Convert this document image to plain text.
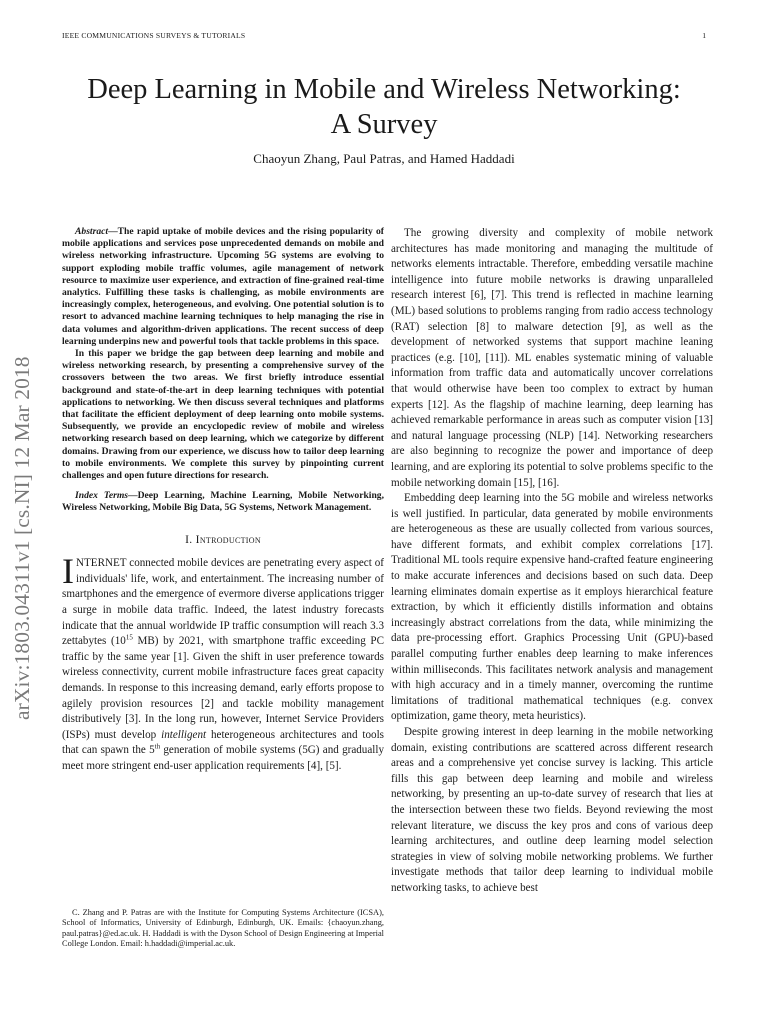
IEEE COMMUNICATIONS SURVEYS & TUTORIALS	1
arXiv:1803.04311v1 [cs.NI] 12 Mar 2018
Deep Learning in Mobile and Wireless Networking:
A Survey
Chaoyun Zhang, Paul Patras, and Hamed Haddadi

Abstract—The rapid uptake of mobile devices and the rising popularity of mobile applications and services pose unprecedented demands on mobile and wireless networking infrastructure. Upcoming 5G systems are evolving to support exploding mobile traffic volumes, agile management of network resource to maximize user experience, and extraction of fine-grained real-time analytics. Fulfilling these tasks is challenging, as mobile environments are increasingly complex, heterogeneous, and evolving. One potential solution is to resort to advanced machine learning techniques to help managing the rise in data volumes and algorithm-driven applications. The recent success of deep learning underpins new and powerful tools that tackle problems in this space.

In this paper we bridge the gap between deep learning and mobile and wireless networking research, by presenting a comprehensive survey of the crossovers between the two areas. We first briefly introduce essential background and state-of-the-art in deep learning techniques with potential applications to networking. We then discuss several techniques and platforms that facilitate the efficient deployment of deep learning onto mobile systems. Subsequently, we provide an encyclopedic review of mobile and wireless networking research based on deep learning, which we categorize by different domains. Drawing from our experience, we discuss how to tailor deep learning to mobile environments. We complete this survey by pinpointing current challenges and open future directions for research.

Index Terms—Deep Learning, Machine Learning, Mobile Networking, Wireless Networking, Mobile Big Data, 5G Systems, Network Management.
I. Introduction

INTERNET connected mobile devices are penetrating every aspect of individuals' life, work, and entertainment. The increasing number of smartphones and the emergence of evermore diverse applications trigger a surge in mobile data traffic. Indeed, the latest industry forecasts indicate that the annual worldwide IP traffic consumption will reach 3.3 zettabytes ($10^{15}$ MB) by 2021, with smartphone traffic exceeding PC traffic by the same year [1]. Given the shift in user preference towards wireless connectivity, current mobile infrastructure faces great capacity demands. In response to this increasing demand, early efforts propose to agilely provision resources [2] and tackle mobility management distributively [3]. In the long run, however, Internet Service Providers (ISPs) must develop intelligent heterogeneous architectures and tools that can spawn the 5th generation of mobile systems (5G) and gradually meet more stringent end-user application requirements [4], [5].

C. Zhang and P. Patras are with the Institute for Computing Systems Architecture (ICSA), School of Informatics, University of Edinburgh, Edinburgh, UK. Emails: {chaoyun.zhang, paul.patras}@ed.ac.uk. H. Haddadi is with the Dyson School of Design Engineering at Imperial College London. Email: h.haddadi@imperial.ac.uk.

The growing diversity and complexity of mobile network architectures has made monitoring and managing the multitude of networks elements intractable. Therefore, embedding versatile machine intelligence into future mobile networks is drawing unparalleled research interest [6], [7]. This trend is reflected in machine learning (ML) based solutions to problems ranging from radio access technology (RAT) selection [8] to malware detection [9], as well as the development of networked systems that support machine leaning practices (e.g. [10], [11]). ML enables systematic mining of valuable information from traffic data and automatically uncover correlations that would otherwise have been too complex to extract by human experts [12]. As the flagship of machine learning, deep learning has achieved remarkable performance in areas such as computer vision [13] and natural language processing (NLP) [14]. Networking researchers are also beginning to recognize the power and importance of deep learning, and are exploring its potential to solve problems specific to the mobile networking domain [15], [16].

Embedding deep learning into the 5G mobile and wireless networks is well justified. In particular, data generated by mobile environments are heterogeneous as these are usually collected from various sources, have different formats, and exhibit complex correlations [17]. Traditional ML tools require expensive hand-crafted feature engineering to make accurate inferences and decisions based on such data. Deep learning eliminates domain expertise as it employs hierarchical feature extraction, by which it efficiently distills information and obtains increasingly abstract correlations from the data, while minimizing the data pre-processing effort. Graphics Processing Unit (GPU)-based parallel computing further enables deep learning to make inferences within milliseconds. This facilitates network analysis and management with high accuracy and in a timely manner, overcoming the runtime limitations of traditional mathematical techniques (e.g. convex optimization, game theory, meta heuristics).

Despite growing interest in deep learning in the mobile networking domain, existing contributions are scattered across different research areas and a comprehensive yet concise survey is lacking. This article fills this gap between deep learning and mobile and wireless networking, by presenting an up-to-date survey of research that lies at the intersection between these two fields. Beyond reviewing the most relevant literature, we discuss the key pros and cons of various deep learning architectures, and outline deep learning model selection strategies in view of solving mobile networking problems. We further investigate methods that tailor deep learning to individual mobile networking tasks, to achieve best
